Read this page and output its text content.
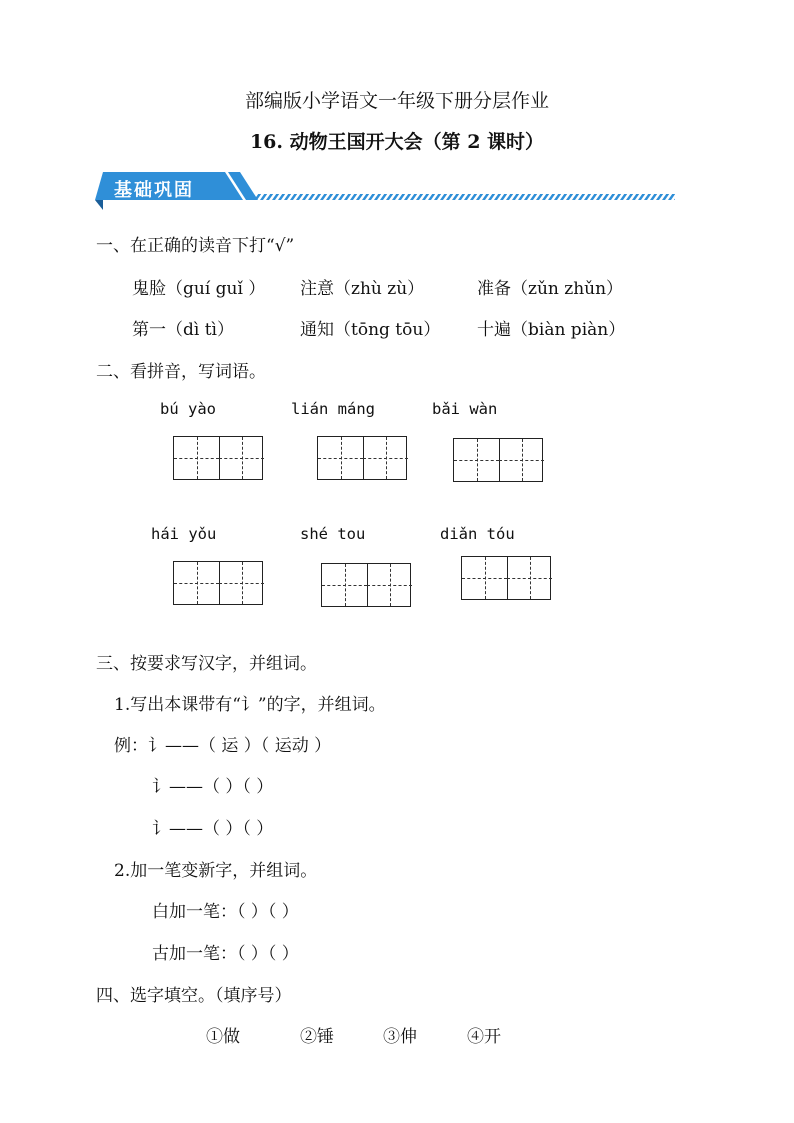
部编版小学语文一年级下册分层作业
16. 动物王国开大会（第 2 课时）
基础巩固
一、在正确的读音下打“√”
鬼脸（guí guǐ ） 注意（zhù zù）	准备（zǔn zhǔn）
第一（dì tì）	通知（tōng tōu） 十遍（biàn piàn）
二、看拼音，写词语。
bú yào	lián máng	bǎi wàn
hái yǒu	shé tou	diǎn tóu
三、按要求写汉字，并组词。
1.写出本课带有“讠”的字，并组词。
例：讠——（ 运 ）（ 运动 ）
讠——（ ）（ ）
讠——（ ）（ ）
2.加一笔变新字，并组词。
白加一笔：（ ）（ ）
古加一笔：（ ）（ ）
四、选字填空。（填序号）
①做	②锤	③伸	④开
